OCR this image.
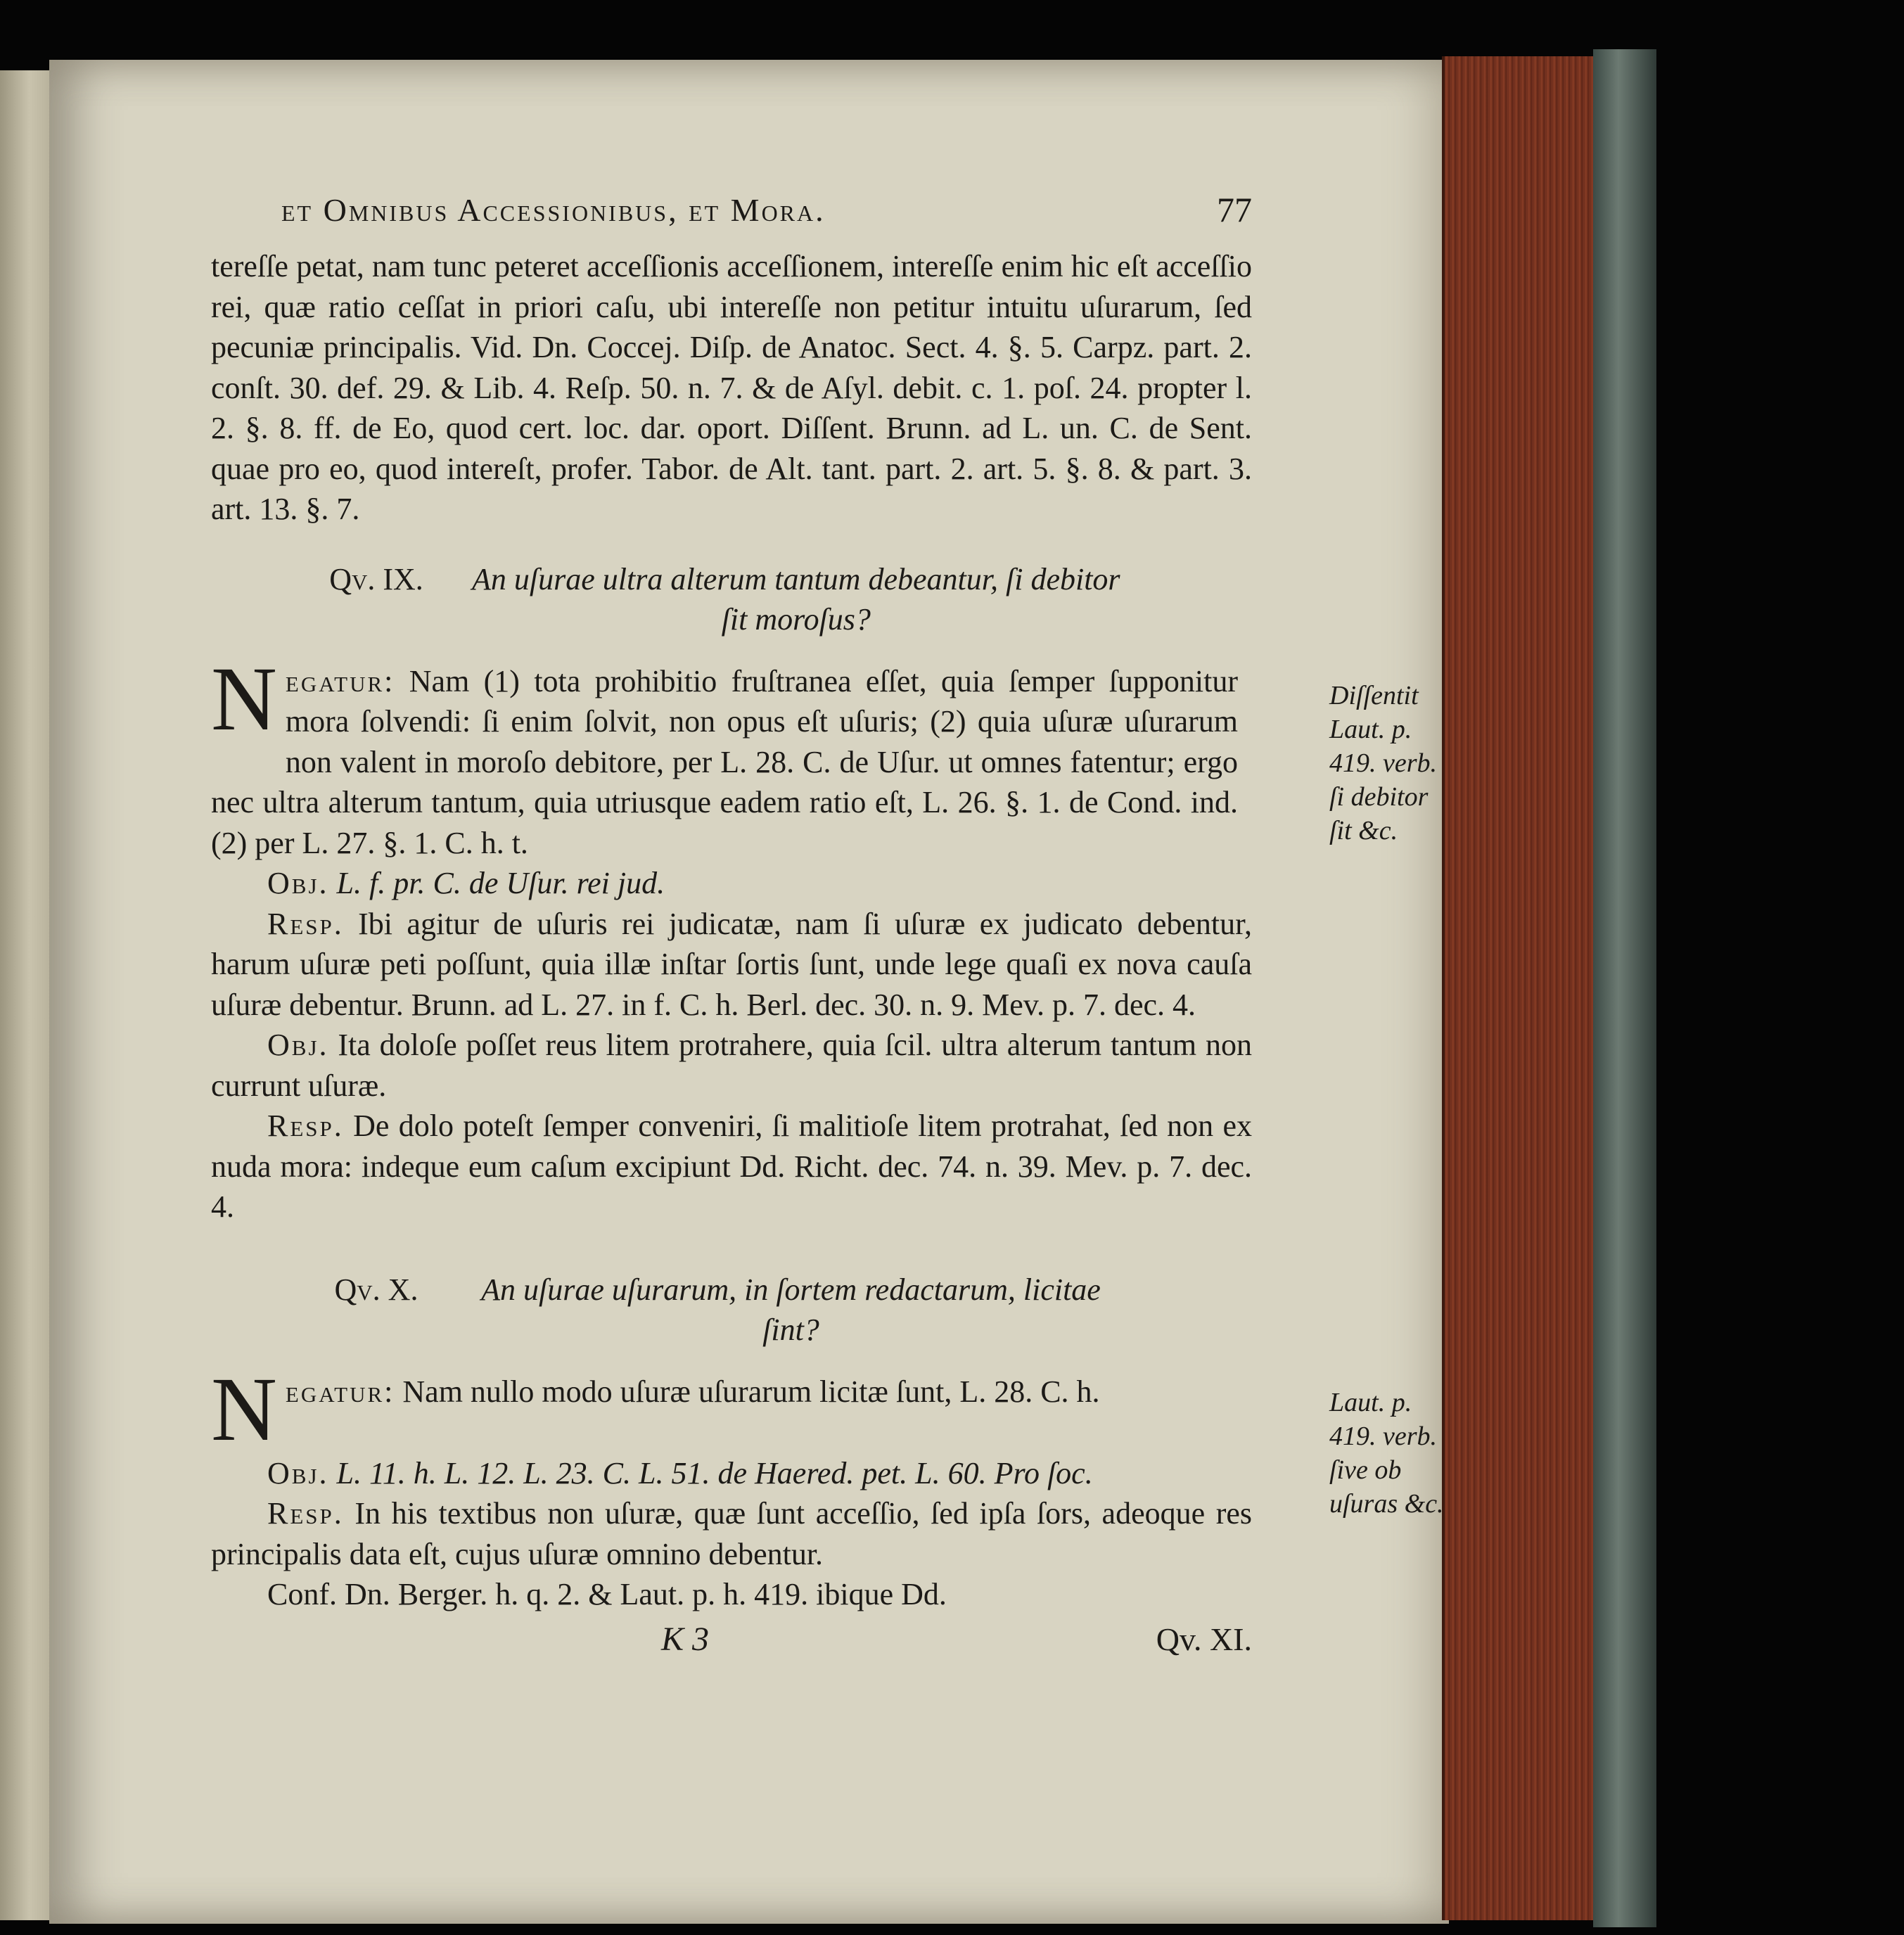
et Omnibus Accessionibus, et Mora.	77

tereſſe petat, nam tunc peteret acceſſionis acceſſionem, intereſſe enim hic eſt acceſſio rei, quæ ratio ceſſat in priori caſu, ubi intereſſe non petitur intuitu uſurarum, ſed pecuniæ principalis. Vid. Dn. Coccej. Diſp. de Anatoc. Sect. 4. §. 5. Carpz. part. 2. conſt. 30. def. 29. & Lib. 4. Reſp. 50. n. 7. & de Aſyl. debit. c. 1. poſ. 24. propter l. 2. §. 8. ff. de Eo, quod cert. loc. dar. oport. Diſſent. Brunn. ad L. un. C. de Sent. quae pro eo, quod intereſt, profer. Tabor. de Alt. tant. part. 2. art. 5. §. 8. & part. 3. art. 13. §. 7.

Qv. IX.	An uſurae ultra alterum tantum debeantur, ſi debitor ſit moroſus?
Diſſentit Laut. p. 419. verb. ſi debitor ſit &c.

Negatur: Nam (1) tota prohibitio fruſtranea eſſet, quia ſemper ſupponitur mora ſolvendi: ſi enim ſolvit, non opus eſt uſuris; (2) quia uſuræ uſurarum non valent in moroſo debitore, per L. 28. C. de Uſur. ut omnes fatentur; ergo nec ultra alterum tantum, quia utriusque eadem ratio eſt, L. 26. §. 1. de Cond. ind. (2) per L. 27. §. 1. C. h. t.

Obj. L. f. pr. C. de Uſur. rei jud.

Resp. Ibi agitur de uſuris rei judicatæ, nam ſi uſuræ ex judicato debentur, harum uſuræ peti poſſunt, quia illæ inſtar ſortis ſunt, unde lege quaſi ex nova cauſa uſuræ debentur. Brunn. ad L. 27. in f. C. h. Berl. dec. 30. n. 9. Mev. p. 7. dec. 4.

Obj. Ita doloſe poſſet reus litem protrahere, quia ſcil. ultra alterum tantum non currunt uſuræ.

Resp. De dolo poteſt ſemper conveniri, ſi malitioſe litem protrahat, ſed non ex nuda mora: indeque eum caſum excipiunt Dd. Richt. dec. 74. n. 39. Mev. p. 7. dec. 4.

Qv. X.	An uſurae uſurarum, in ſortem redactarum, licitae ſint?
Laut. p. 419. verb. ſive ob uſuras &c.

Negatur: Nam nullo modo uſuræ uſurarum licitæ ſunt, L. 28. C. h.

Obj. L. 11. h. L. 12. L. 23. C. L. 51. de Haered. pet. L. 60. Pro ſoc.

Resp. In his textibus non uſuræ, quæ ſunt acceſſio, ſed ipſa ſors, adeoque res principalis data eſt, cujus uſuræ omnino debentur.

Conf. Dn. Berger. h. q. 2. & Laut. p. h. 419. ibique Dd.

K 3	Qv. XI.
